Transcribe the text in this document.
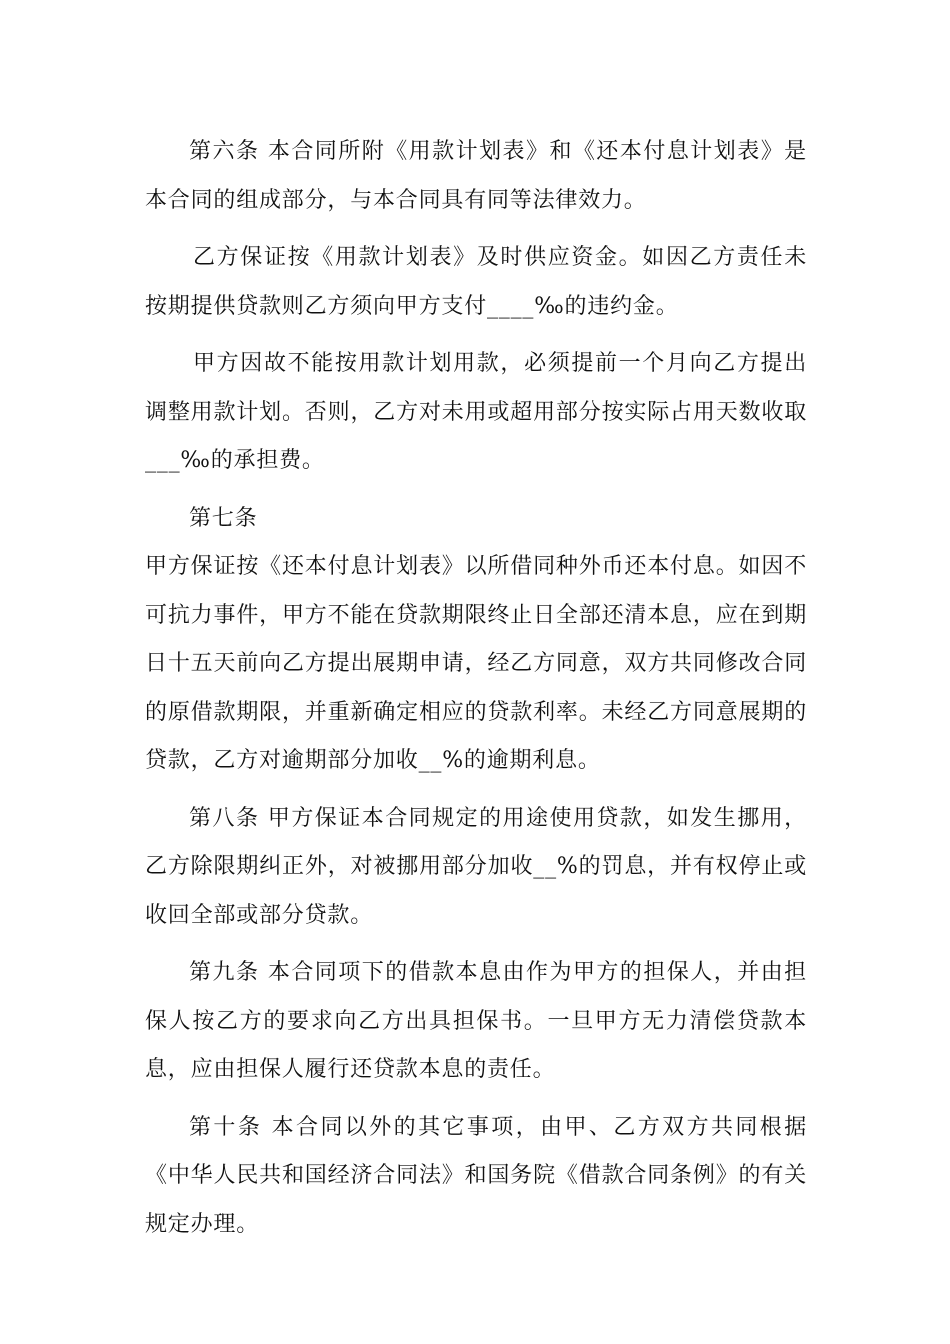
第六条 本合同所附《用款计划表》和《还本付息计划表》是本合同的组成部分，与本合同具有同等法律效力。

乙方保证按《用款计划表》及时供应资金。如因乙方责任未按期提供贷款则乙方须向甲方支付____‰的违约金。

甲方因故不能按用款计划用款，必须提前一个月向乙方提出调整用款计划。否则，乙方对未用或超用部分按实际占用天数收取___‰的承担费。

第七条

甲方保证按《还本付息计划表》以所借同种外币还本付息。如因不可抗力事件，甲方不能在贷款期限终止日全部还清本息，应在到期日十五天前向乙方提出展期申请，经乙方同意，双方共同修改合同的原借款期限，并重新确定相应的贷款利率。未经乙方同意展期的贷款，乙方对逾期部分加收__%的逾期利息。

第八条 甲方保证本合同规定的用途使用贷款，如发生挪用，乙方除限期纠正外，对被挪用部分加收__%的罚息，并有权停止或收回全部或部分贷款。

第九条 本合同项下的借款本息由作为甲方的担保人，并由担保人按乙方的要求向乙方出具担保书。一旦甲方无力清偿贷款本息，应由担保人履行还贷款本息的责任。

第十条 本合同以外的其它事项，由甲、乙方双方共同根据《中华人民共和国经济合同法》和国务院《借款合同条例》的有关规定办理。
